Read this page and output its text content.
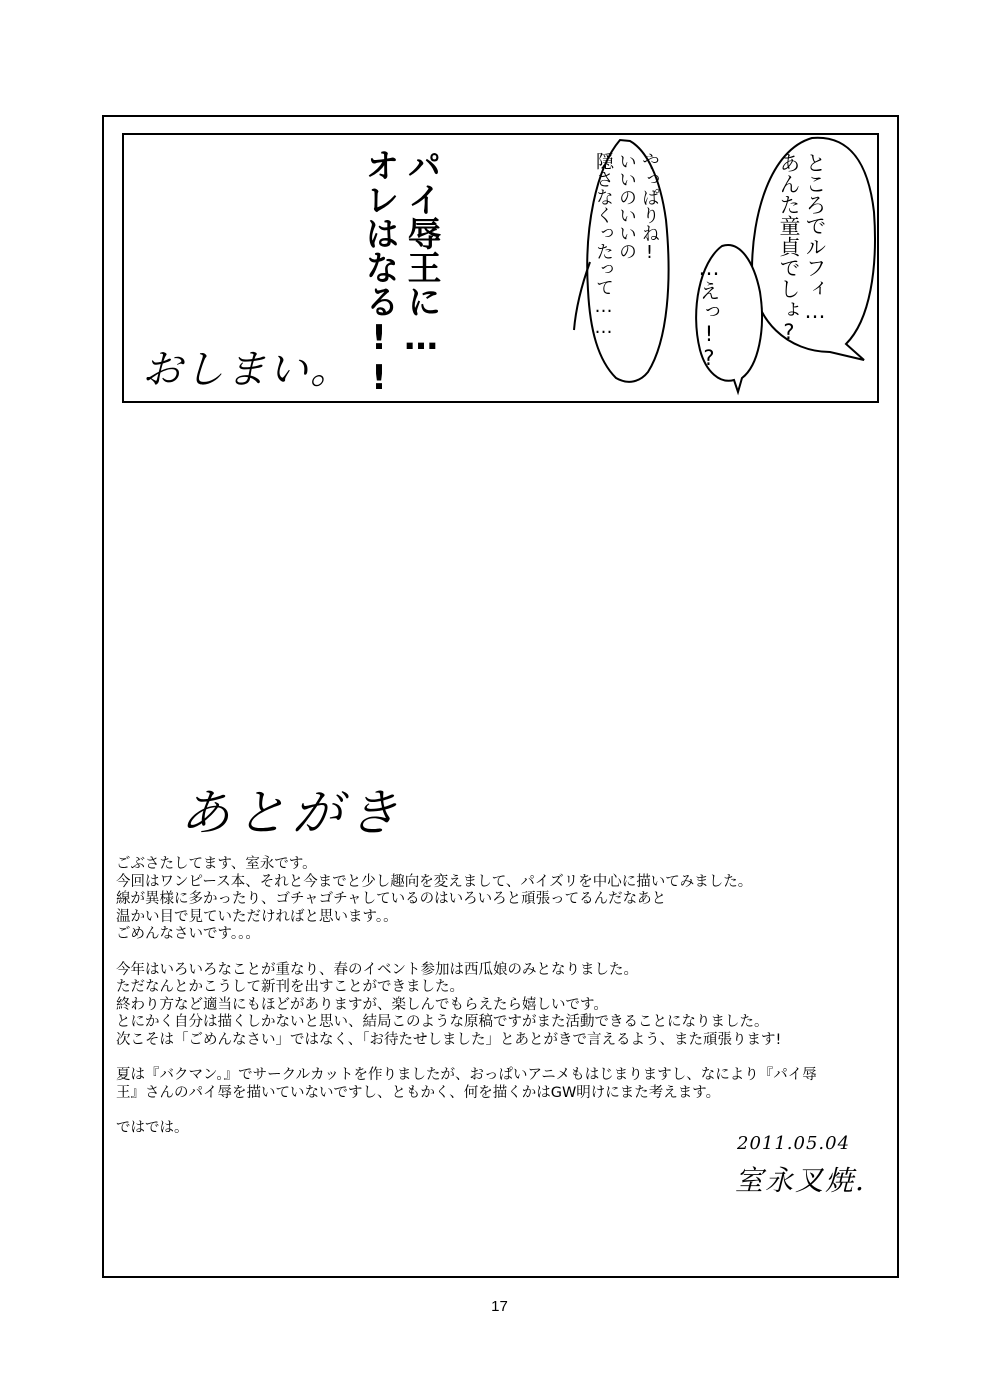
ところでルフィ…
あんた童貞でしょ?
…えっ!?
やっぱりね!
いいのいいの
隠さなくったって……
パイ辱王に…
オレはなる!!
おしまい。
あとがき

ごぶさたしてます、室永です。

今回はワンピース本、それと今までと少し趣向を変えまして、パイズリを中心に描いてみました。

線が異様に多かったり、ゴチャゴチャしているのはいろいろと頑張ってるんだなあと

温かい目で見ていただければと思います。。

ごめんなさいです。。。

今年はいろいろなことが重なり、春のイベント参加は西瓜娘のみとなりました。

ただなんとかこうして新刊を出すことができました。

終わり方など適当にもほどがありますが、楽しんでもらえたら嬉しいです。

とにかく自分は描くしかないと思い、結局このような原稿ですがまた活動できることになりました。

次こそは「ごめんなさい」ではなく、「お待たせしました」とあとがきで言えるよう、また頑張ります!

夏は『バクマン。』でサークルカットを作りましたが、おっぱいアニメもはじまりますし、なにより『パイ辱

王』さんのパイ辱を描いていないですし、ともかく、何を描くかはGW明けにまた考えます。

ではでは。

2011.05.04
室永叉焼.
17
